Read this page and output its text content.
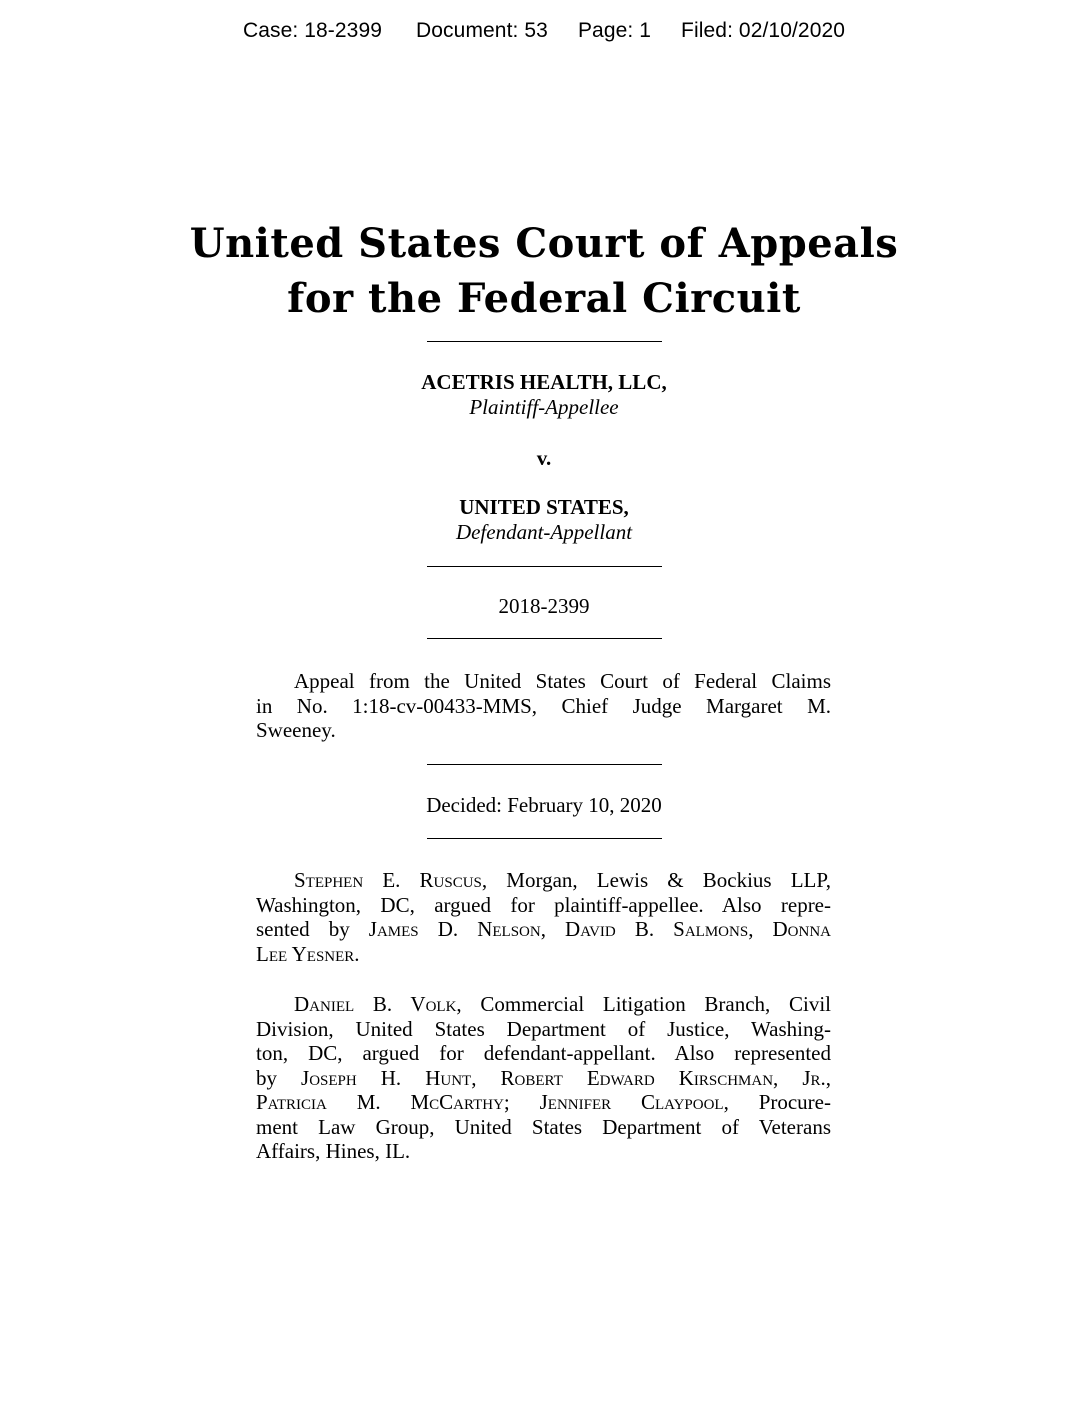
Case: 18-2399 Document: 53 Page: 1 Filed: 02/10/2020
United States Court of Appeals
for the Federal Circuit
ACETRIS HEALTH, LLC,
Plaintiff-Appellee
v.
UNITED STATES,
Defendant-Appellant
2018-2399
Appeal from the United States Court of Federal Claims
in No. 1:18-cv-00433-MMS, Chief Judge Margaret M.
Sweeney.
Decided: February 10, 2020
Stephen E. Ruscus, Morgan, Lewis & Bockius LLP,
Washington, DC, argued for plaintiff-appellee. Also repre-
sented by James D. Nelson, David B. Salmons, Donna
Lee Yesner.
Daniel B. Volk, Commercial Litigation Branch, Civil
Division, United States Department of Justice, Washing-
ton, DC, argued for defendant-appellant. Also represented
by Joseph H. Hunt, Robert Edward Kirschman, Jr.,
Patricia M. McCarthy; Jennifer Claypool, Procure-
ment Law Group, United States Department of Veterans
Affairs, Hines, IL.
